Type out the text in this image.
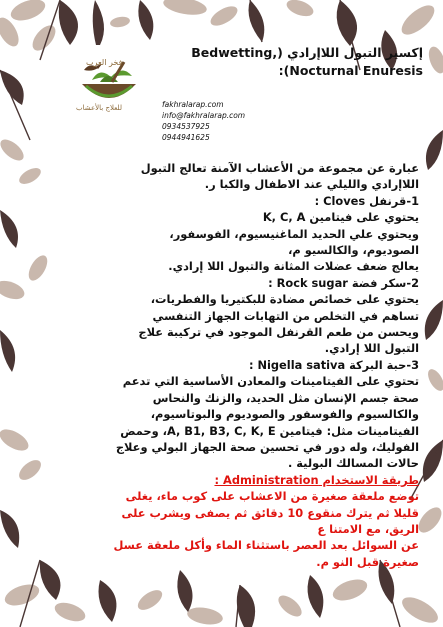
فخر العرب
للعلاج بالأعشاب
إكسير التبول اللاإرادي (Bedwetting, Nocturnal Enuresis):
fakhralarap.com
info@fakhralarap.com
0934537925
0944941625

عبارة عن مجموعة من الأعشاب الآمنة تعالج التبول اللاإرادي والليلي عند الاطفال والكبا ر.

1-قرنفل Cloves :

يحتوي على فيتامين K, C, A

ويحتوي علي الحديد الماغنيسيوم، الفوسفور، الصوديوم، والكالسيو م،

يعالج ضعف عضلات المثانة والتبول اللا إرادي.

2-سكر فضة Rock sugar :

يحتوي على خصائص مضادة للبكتيريا والفطريات، تساهم في التخلص من التهابات الجهاز التنفسي ويحسن من طعم القرنفل الموجود في تركيبة علاج التبول اللا إرادي.

3-حبة البركة Nigella sativa :

تحتوي على الفيتامينات والمعادن الأساسية التي تدعم صحة جسم الإنسان مثل الحديد، والزنك والنحاس والكالسيوم والفوسفور والصوديوم والبوتاسيوم،

الفيتامينات مثل: فيتامين A, B1, B3, C, K, E، وحمض الفوليك، وله دور في تحسين صحة الجهاز البولي وعلاج حالات المسالك البولية .

طريقة الاستخدام Administration :

توضع ملعقة صغيرة من الاعشاب على كوب ماء، يغلى قليلا ثم يترك منقوع 10 دقائق ثم يصفى ويشرب على الريق، مع الامتنا ع

عن السوائل بعد العصر باستثناء الماء وأكل ملعقة عسل صغيرة قبل النو م.
